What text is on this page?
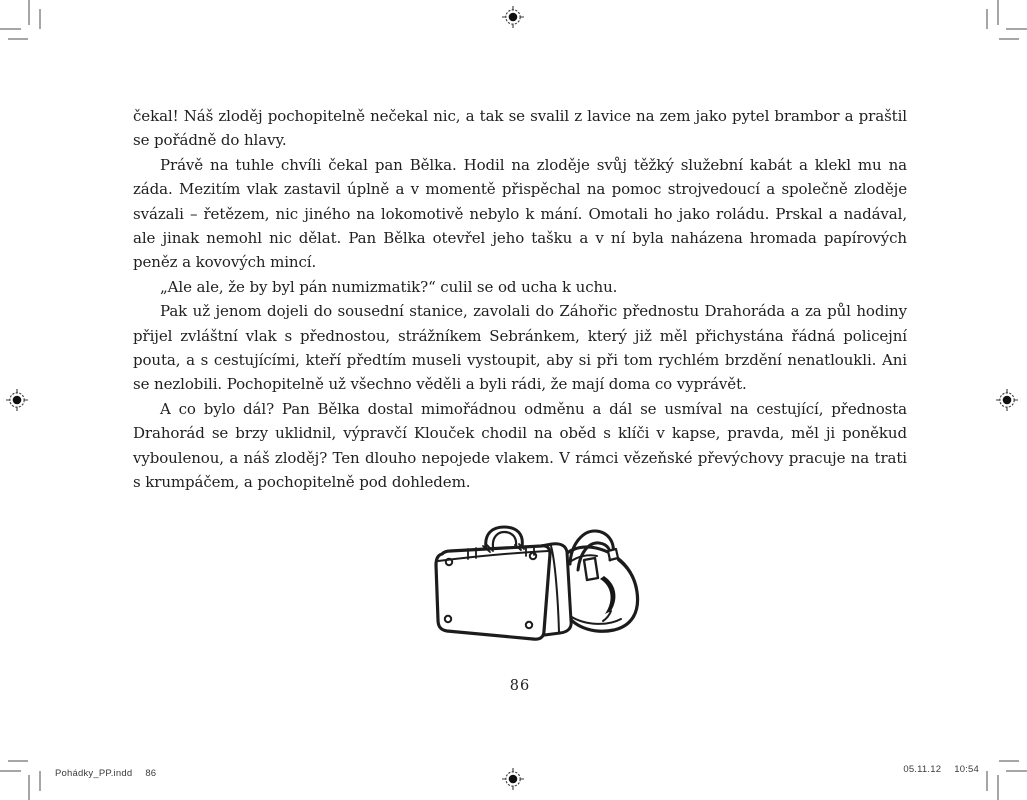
čekal! Náš zloděj pochopitelně nečekal nic, a tak se svalil z lavice na zem jako pytel brambor a praštil se pořádně do hlavy.

Právě na tuhle chvíli čekal pan Bělka. Hodil na zloděje svůj těžký služební kabát a klekl mu na záda. Mezitím vlak zastavil úplně a v momentě přispěchal na pomoc strojvedoucí a společně zloděje svázali – řetězem, nic jiného na lokomotivě nebylo k mání. Omotali ho jako roládu. Prskal a nadával, ale jinak nemohl nic dělat. Pan Bělka otevřel jeho tašku a v ní byla naházena hromada papírových peněz a kovových mincí.

„Ale ale, že by byl pán numizmatik?“ culil se od ucha k uchu.

Pak už jenom dojeli do sousední stanice, zavolali do Záhořic přednostu Drahoráda a za půl hodiny přijel zvláštní vlak s přednostou, strážníkem Sebránkem, který již měl přichystána řádná policejní pouta, a s cestujícími, kteří předtím museli vystoupit, aby si při tom rychlém brzdění nenatloukli. Ani se nezlobili. Pochopitelně už všechno věděli a byli rádi, že mají doma co vyprávět.

A co bylo dál? Pan Bělka dostal mimořádnou odměnu a dál se usmíval na cestující, přednosta Drahorád se brzy uklidnil, výpravčí Klouček chodil na oběd s klíči v kapse, pravda, měl ji poněkud vyboulenou, a náš zloděj? Ten dlouho nepojede vlakem. V rámci vězeňské převýchovy pracuje na trati s krumpáčem, a pochopitelně pod dohledem.

86
Pohádky_PP.indd 86	05.11.12 10:54
